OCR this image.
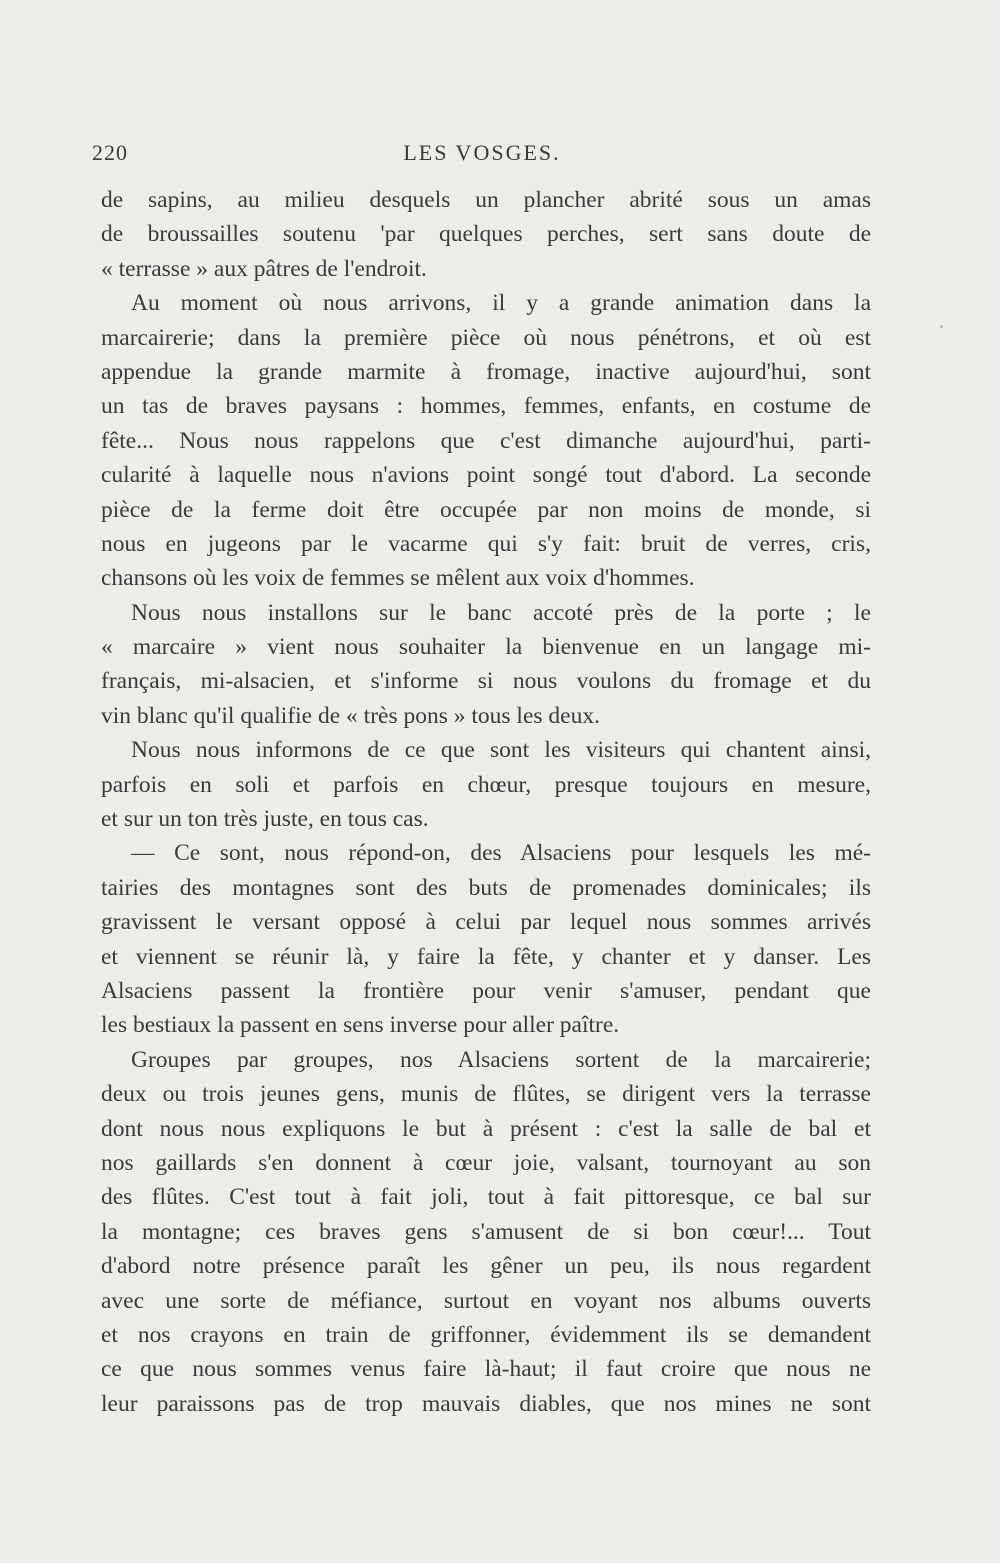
220	LES VOSGES.
de sapins, au milieu desquels un plancher abrité sous un amas
de broussailles soutenu 'par quelques perches, sert sans doute de
« terrasse » aux pâtres de l'endroit.
Au moment où nous arrivons, il y a grande animation dans la
marcairerie; dans la première pièce où nous pénétrons, et où est
appendue la grande marmite à fromage, inactive aujourd'hui, sont
un tas de braves paysans : hommes, femmes, enfants, en costume de
fête... Nous nous rappelons que c'est dimanche aujourd'hui, parti-
cularité à laquelle nous n'avions point songé tout d'abord. La seconde
pièce de la ferme doit être occupée par non moins de monde, si
nous en jugeons par le vacarme qui s'y fait: bruit de verres, cris,
chansons où les voix de femmes se mêlent aux voix d'hommes.
Nous nous installons sur le banc accoté près de la porte ; le
« marcaire » vient nous souhaiter la bienvenue en un langage mi-
français, mi-alsacien, et s'informe si nous voulons du fromage et du
vin blanc qu'il qualifie de « très pons » tous les deux.
Nous nous informons de ce que sont les visiteurs qui chantent ainsi,
parfois en soli et parfois en chœur, presque toujours en mesure,
et sur un ton très juste, en tous cas.
— Ce sont, nous répond-on, des Alsaciens pour lesquels les mé-
tairies des montagnes sont des buts de promenades dominicales; ils
gravissent le versant opposé à celui par lequel nous sommes arrivés
et viennent se réunir là, y faire la fête, y chanter et y danser. Les
Alsaciens passent la frontière pour venir s'amuser, pendant que
les bestiaux la passent en sens inverse pour aller paître.
Groupes par groupes, nos Alsaciens sortent de la marcairerie;
deux ou trois jeunes gens, munis de flûtes, se dirigent vers la terrasse
dont nous nous expliquons le but à présent : c'est la salle de bal et
nos gaillards s'en donnent à cœur joie, valsant, tournoyant au son
des flûtes. C'est tout à fait joli, tout à fait pittoresque, ce bal sur
la montagne; ces braves gens s'amusent de si bon cœur!... Tout
d'abord notre présence paraît les gêner un peu, ils nous regardent
avec une sorte de méfiance, surtout en voyant nos albums ouverts
et nos crayons en train de griffonner, évidemment ils se demandent
ce que nous sommes venus faire là-haut; il faut croire que nous ne
leur paraissons pas de trop mauvais diables, que nos mines ne sont
